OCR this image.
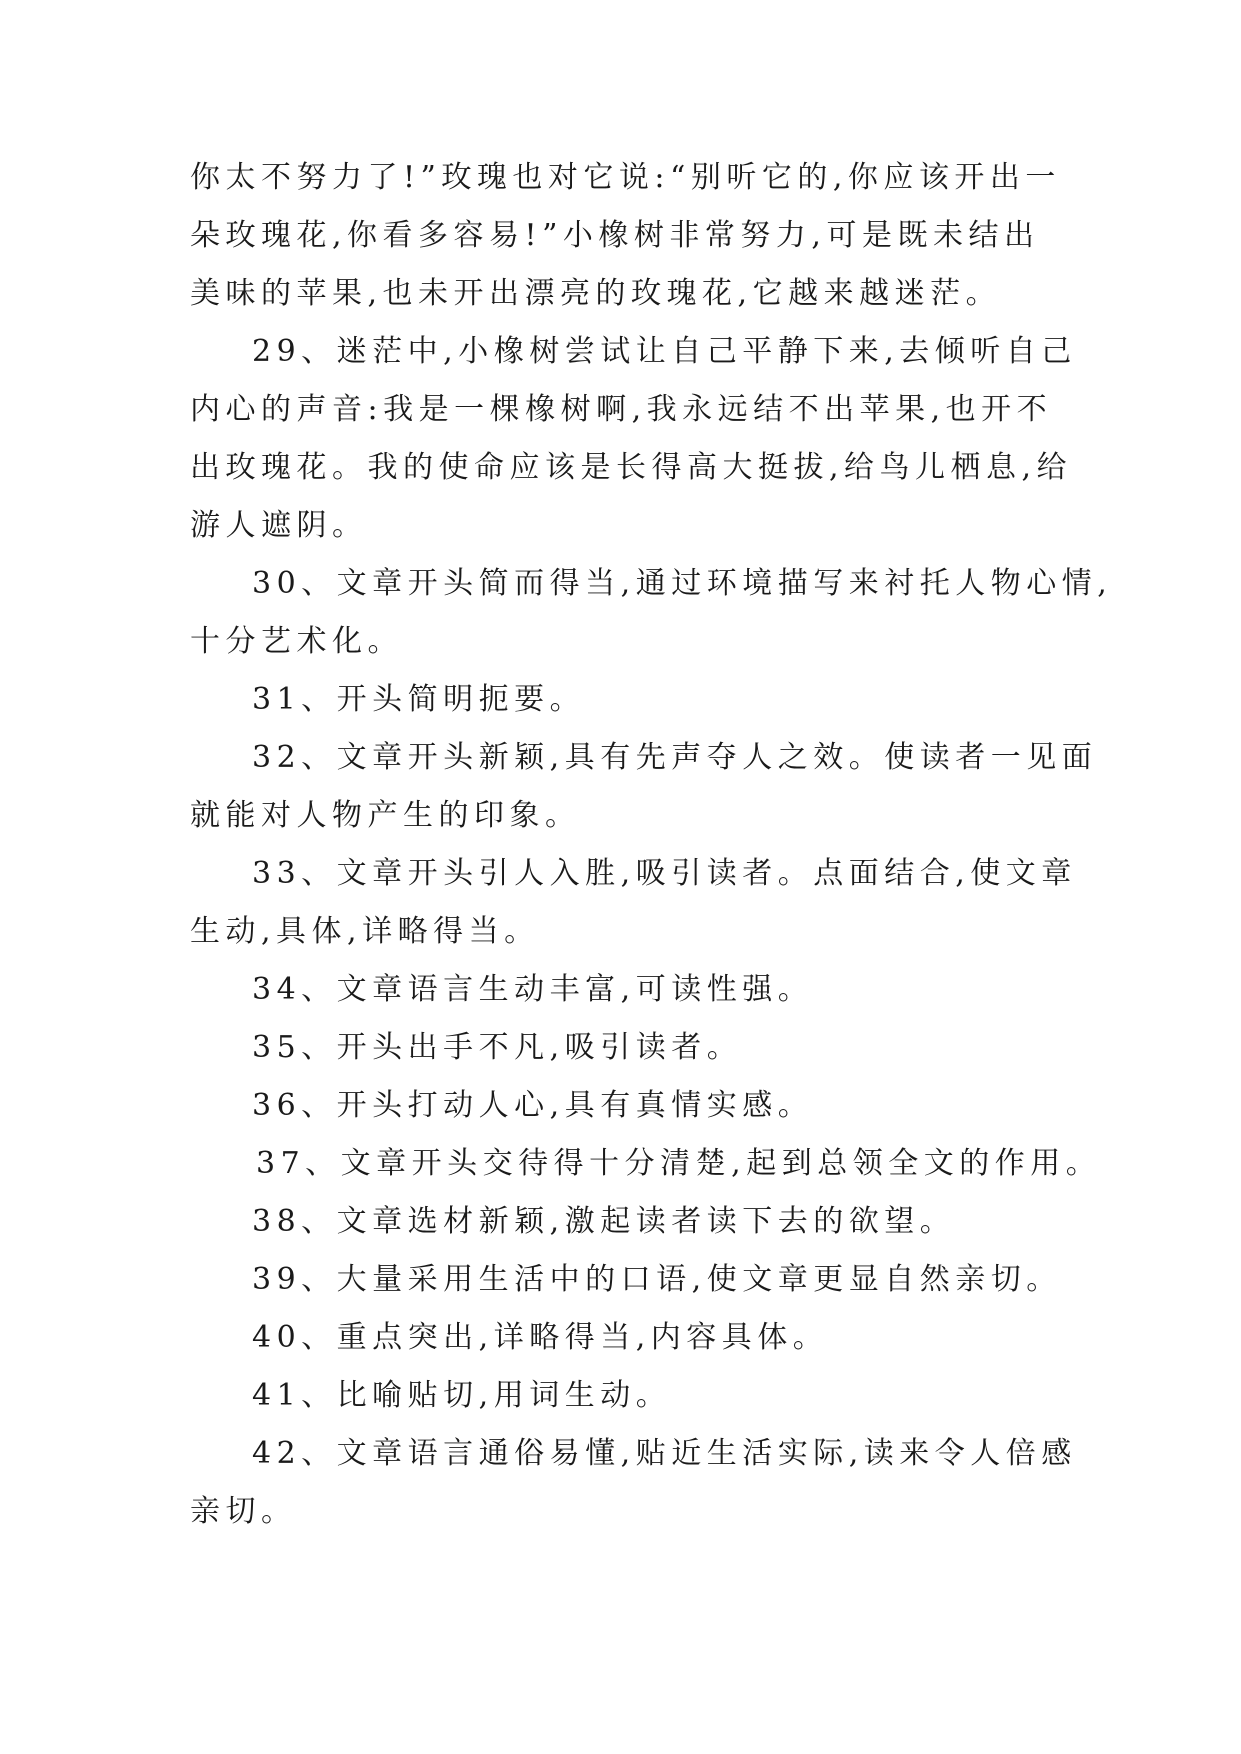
你太不努力了!”玫瑰也对它说:“别听它的,你应该开出一

朵玫瑰花,你看多容易!”小橡树非常努力,可是既未结出

美味的苹果,也未开出漂亮的玫瑰花,它越来越迷茫。

29、迷茫中,小橡树尝试让自己平静下来,去倾听自己

内心的声音:我是一棵橡树啊,我永远结不出苹果,也开不

出玫瑰花。我的使命应该是长得高大挺拔,给鸟儿栖息,给

游人遮阴。

30、文章开头简而得当,通过环境描写来衬托人物心情,

十分艺术化。

31、开头简明扼要。

32、文章开头新颖,具有先声夺人之效。使读者一见面

就能对人物产生的印象。

33、文章开头引人入胜,吸引读者。点面结合,使文章

生动,具体,详略得当。

34、文章语言生动丰富,可读性强。

35、开头出手不凡,吸引读者。

36、开头打动人心,具有真情实感。

37、文章开头交待得十分清楚,起到总领全文的作用。

38、文章选材新颖,激起读者读下去的欲望。

39、大量采用生活中的口语,使文章更显自然亲切。

40、重点突出,详略得当,内容具体。

41、比喻贴切,用词生动。

42、文章语言通俗易懂,贴近生活实际,读来令人倍感

亲切。
